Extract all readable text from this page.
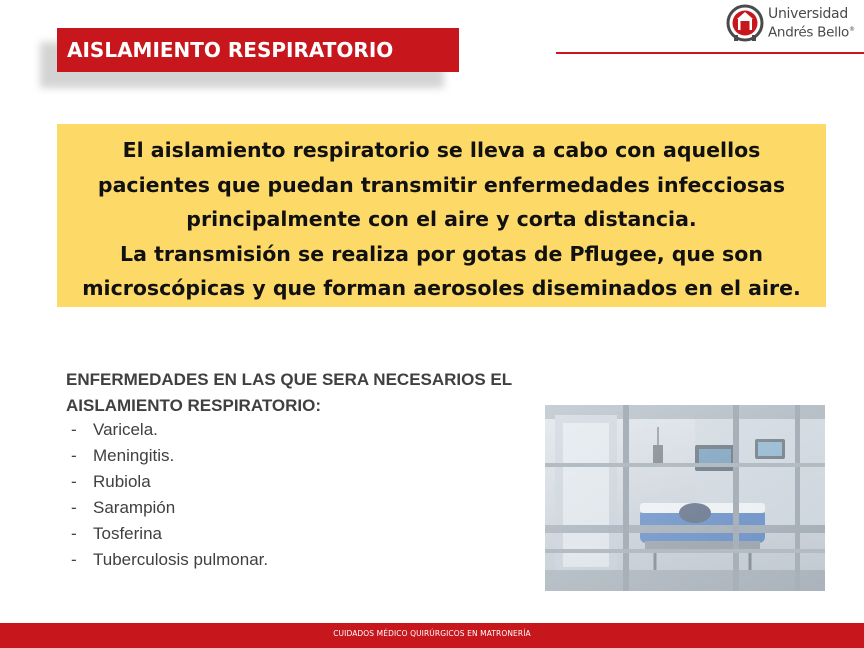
AISLAMIENTO RESPIRATORIO
Universidad
Andrés Bello®
El aislamiento respiratorio se lleva a cabo con aquellos
pacientes que puedan transmitir enfermedades infecciosas
principalmente con el aire y corta distancia.
La transmisión se realiza por gotas de Pflugee, que son
microscópicas y que forman aerosoles diseminados en el aire.
ENFERMEDADES EN LAS QUE SERA NECESARIOS EL
AISLAMIENTO RESPIRATORIO:
- Varicela.
- Meningitis.
- Rubiola
- Sarampión
- Tosferina
- Tuberculosis pulmonar.
CUIDADOS MÉDICO QUIRÚRGICOS EN MATRONERÍA
